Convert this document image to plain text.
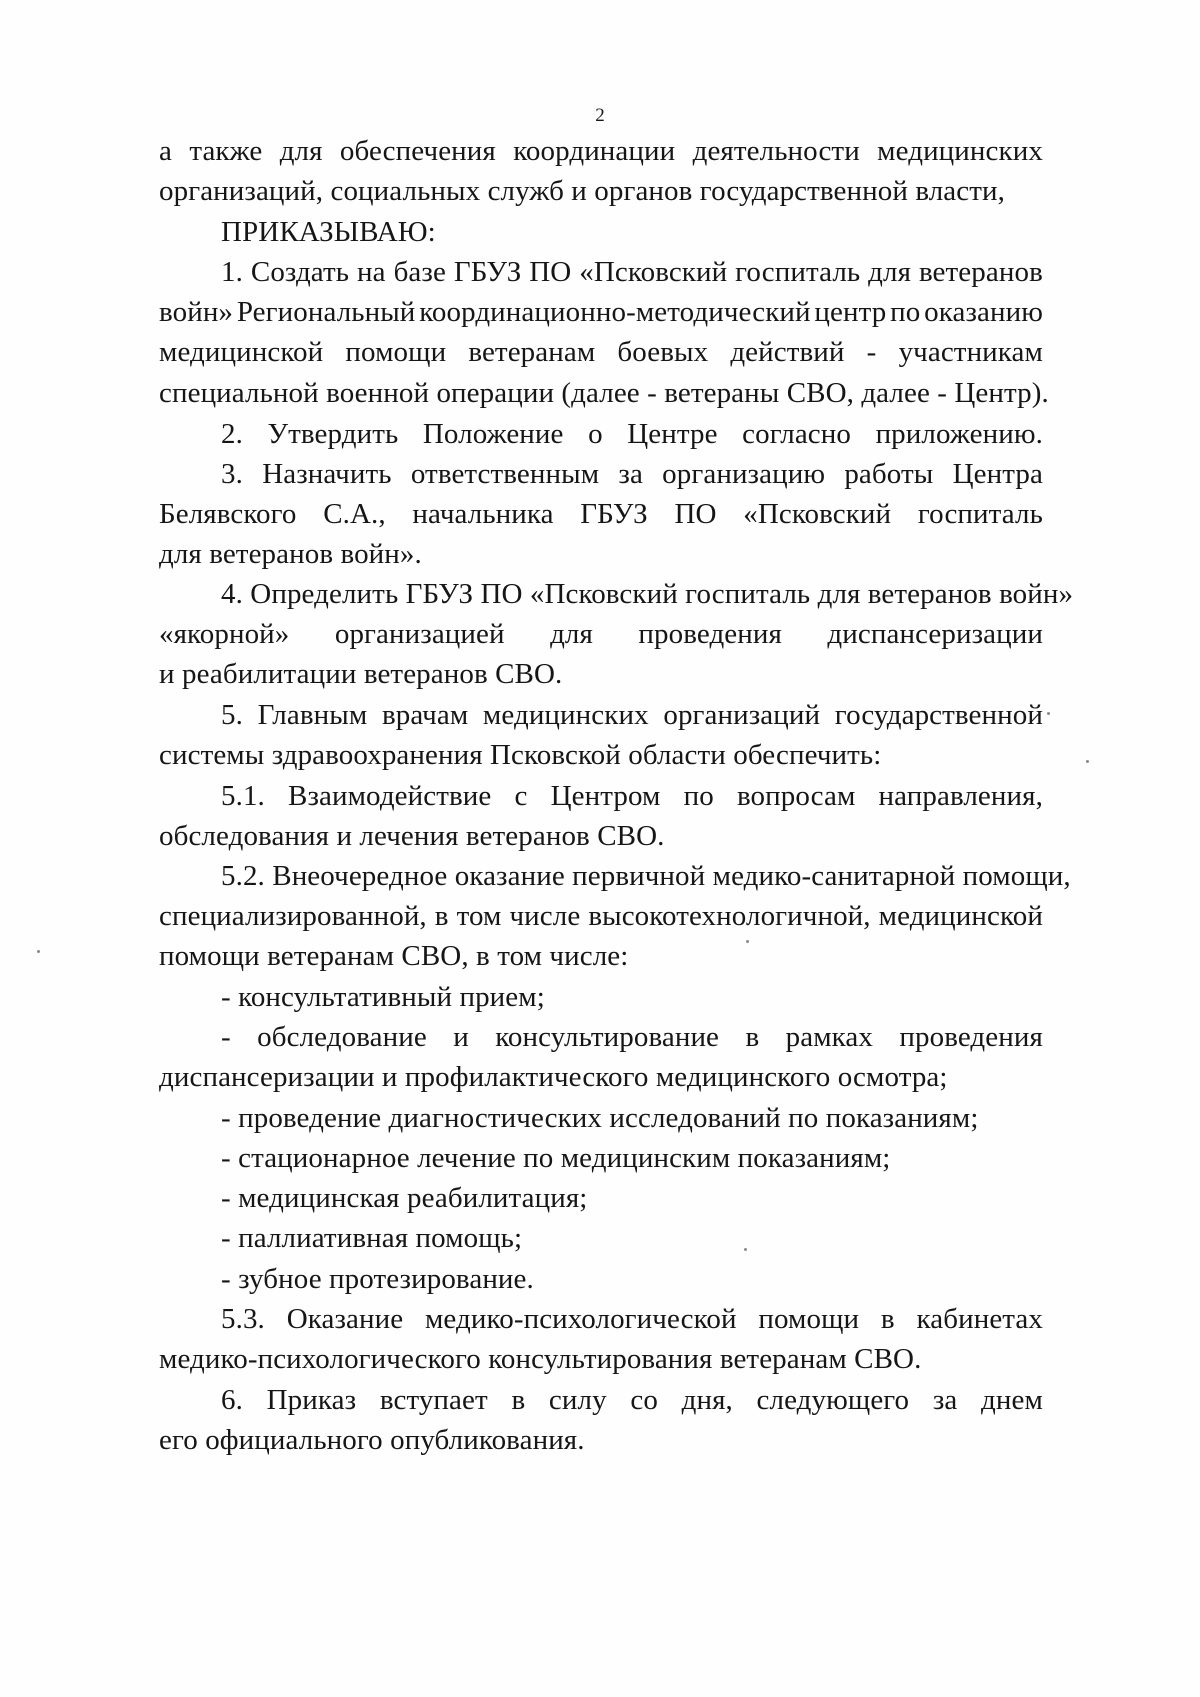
2
а также для обеспечения координации деятельности медицинских
организаций, социальных служб и органов государственной власти,
ПРИКАЗЫВАЮ:
1. Создать на базе ГБУЗ ПО «Псковский госпиталь для ветеранов
войн» Региональный координационно-методический центр по оказанию
медицинской помощи ветеранам боевых действий - участникам
специальной военной операции (далее - ветераны СВО, далее - Центр).
2. Утвердить Положение о Центре согласно приложению.
3. Назначить ответственным за организацию работы Центра
Белявского С.А., начальника ГБУЗ ПО «Псковский госпиталь
для ветеранов войн».
4. Определить ГБУЗ ПО «Псковский госпиталь для ветеранов войн»
«якорной» организацией для проведения диспансеризации
и реабилитации ветеранов СВО.
5. Главным врачам медицинских организаций государственной
системы здравоохранения Псковской области обеспечить:
5.1. Взаимодействие с Центром по вопросам направления,
обследования и лечения ветеранов СВО.
5.2. Внеочередное оказание первичной медико-санитарной помощи,
специализированной, в том числе высокотехнологичной, медицинской
помощи ветеранам СВО, в том числе:
- консультативный прием;
- обследование и консультирование в рамках проведения
диспансеризации и профилактического медицинского осмотра;
- проведение диагностических исследований по показаниям;
- стационарное лечение по медицинским показаниям;
- медицинская реабилитация;
- паллиативная помощь;
- зубное протезирование.
5.3. Оказание медико-психологической помощи в кабинетах
медико-психологического консультирования ветеранам СВО.
6. Приказ вступает в силу со дня, следующего за днем
его официального опубликования.
